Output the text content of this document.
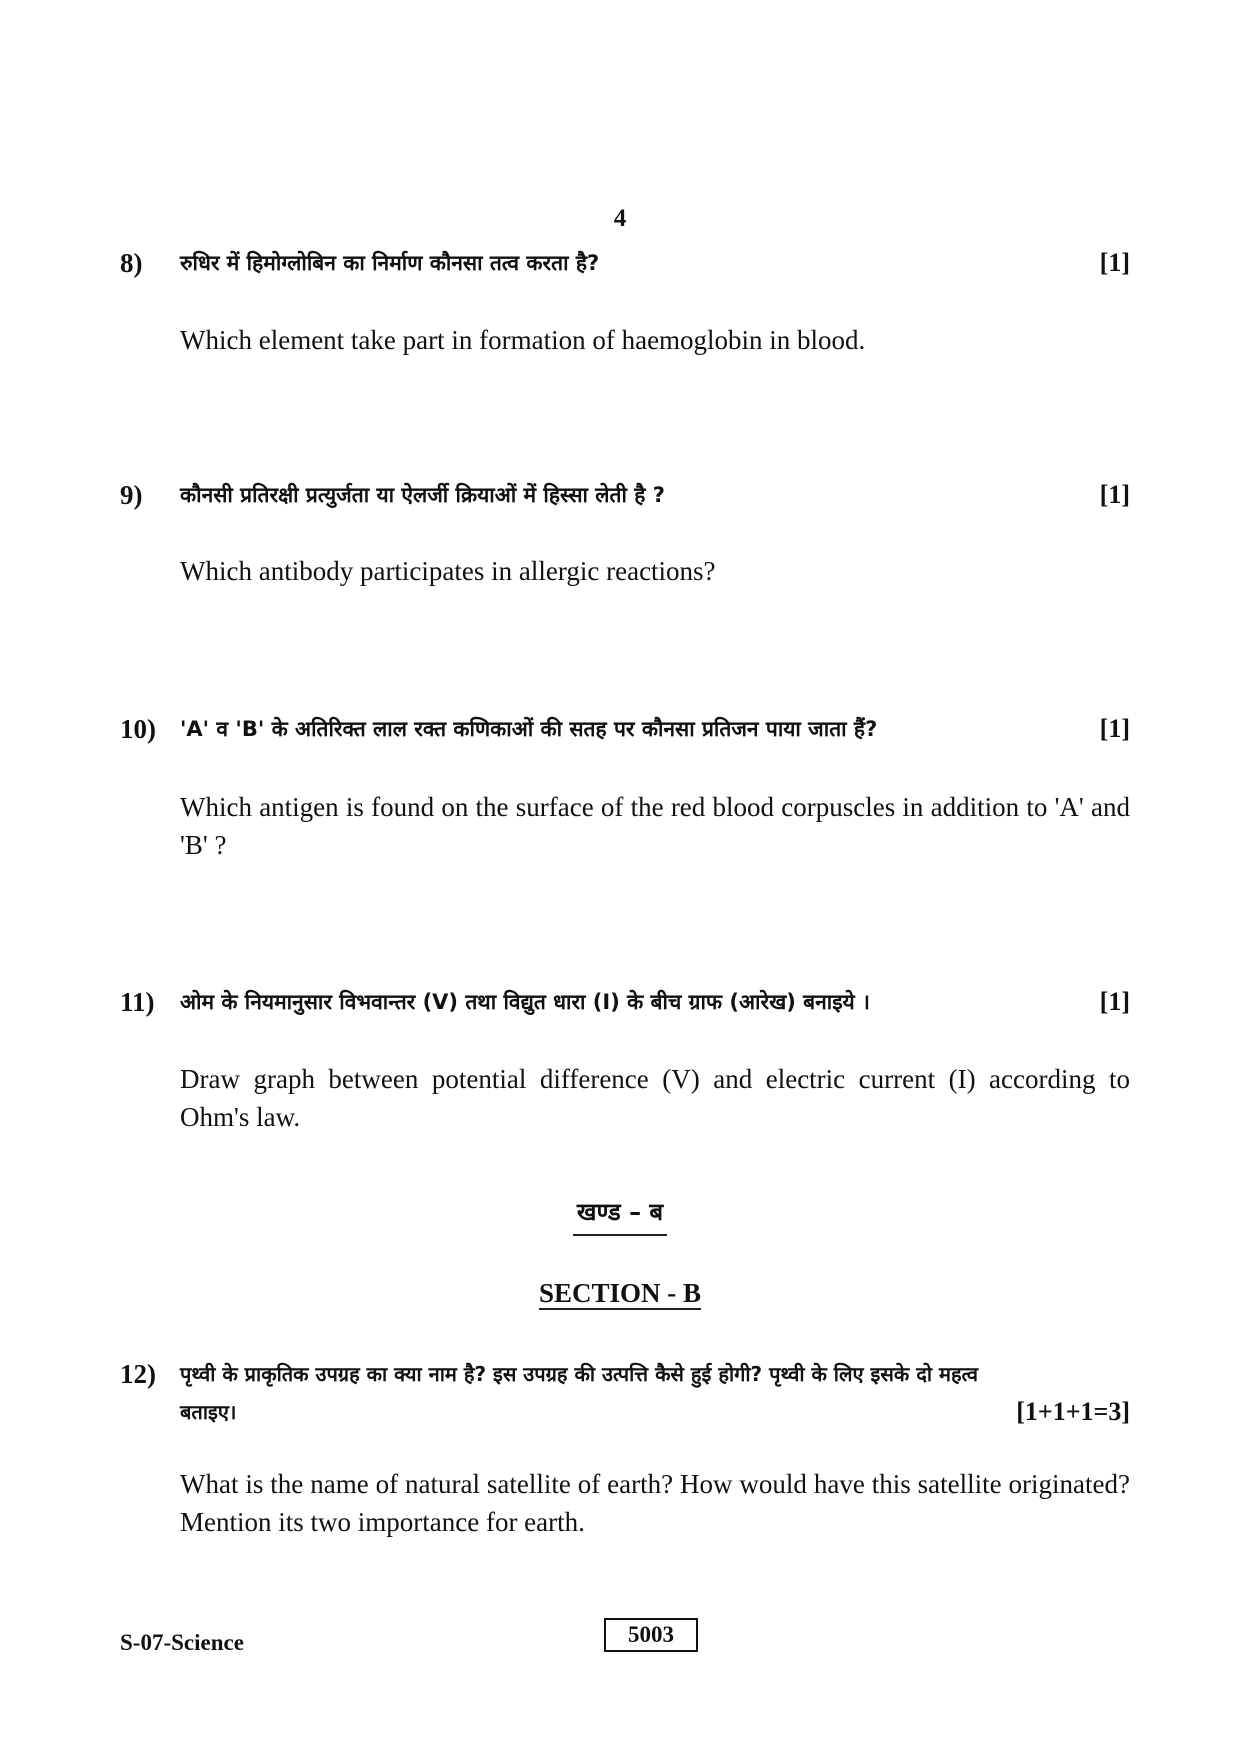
4
8) रुधिर में हिमोग्लोबिन का निर्माण कौनसा तत्व करता है?	[1]
Which element take part in formation of haemoglobin in blood.
9) कौनसी प्रतिरक्षी प्रत्युर्जता या ऐलर्जी क्रियाओं में हिस्सा लेती है ?	[1]
Which antibody participates in allergic reactions?
10) 'A' व 'B' के अतिरिक्त लाल रक्त कणिकाओं की सतह पर कौनसा प्रतिजन पाया जाता हैं?	[1]
Which antigen is found on the surface of the red blood corpuscles in addition to 'A' and 'B' ?
11) ओम के नियमानुसार विभवान्तर (V) तथा विद्युत धारा (I) के बीच ग्राफ (आरेख) बनाइये ।	[1]
Draw graph between potential difference (V) and electric current (I) according to Ohm's law.
खण्ड – ब
SECTION - B
12) पृथ्वी के प्राकृतिक उपग्रह का क्या नाम है? इस उपग्रह की उत्पत्ति कैसे हुई होगी? पृथ्वी के लिए इसके दो महत्व
बताइए।	[1+1+1=3]
What is the name of natural satellite of earth? How would have this satellite originated? Mention its two importance for earth.
S-07-Science	5003
